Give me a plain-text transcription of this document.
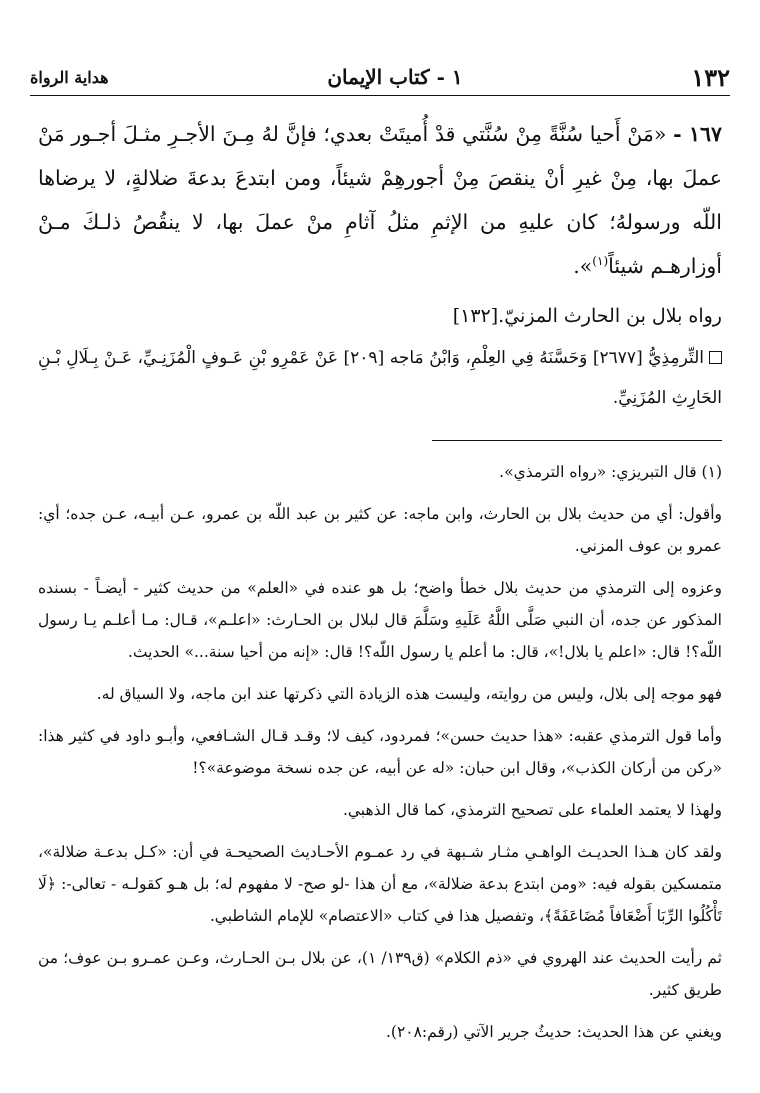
١٣٢
١ - كتاب الإيمان
هداية الرواة

١٦٧ - «مَنْ أَحيا سُنَّةً مِنْ سُنَّتي قدْ أُميتَتْ بعدي؛ فإنَّ لهُ مِـنَ الأجـرِ مثـلَ أجـور مَنْ عملَ بها، مِنْ غيرِ أنْ ينقصَ مِنْ أجورهِمْ شيئاً، ومن ابتدعَ بدعةَ ضلالةٍ، لا يرضاها اللّه ورسولهُ؛ كان عليهِ من الإثمِ مثلُ آثامِ منْ عملَ بها، لا ينقُصُ ذلـكَ مـنْ أوزارهـم شيئاً$^{(١)}$».

رواه بلال بن الحارث المزنيّ.[١٣٢]

التِّرمِذِيُّ [٢٦٧٧] وَحَسَّنَهُ فِي العِلْمِ، وَابْنُ مَاجه [٢٠٩] عَنْ عَمْرِو بْنِ عَـوفٍ الْمُزَنِـيِّ، عَـنْ بِـلَالِ بْـنِ الحَارِثِ المُزَنِيِّ.

(١) قال التبريزي: «رواه الترمذي».

وأقول: أي من حديث بلال بن الحارث، وابن ماجه: عن كثير بن عبد اللّه بن عمرو، عـن أبيـه، عـن جده؛ أي: عمرو بن عوف المزني.

وعزوه إلى الترمذي من حديث بلال خطأ واضح؛ بل هو عنده في «العلم» من حديث كثير - أيضـاً - بسنده المذكور عن جده، أن النبي صَلَّى اللَّهُ عَلَيهِ وسَلَّمَ قال لبلال بن الحـارث: «اعلـم»، قـال: مـا أعلـم يـا رسول اللّه؟! قال: «اعلم يا بلال!»، قال: ما أعلم يا رسول اللّه؟! قال: «إنه من أحيا سنة...» الحديث.

فهو موجه إلى بلال، وليس من روايته، وليست هذه الزيادة التي ذكرتها عند ابن ماجه، ولا السياق له.

وأما قول الترمذي عقبه: «هذا حديث حسن»؛ فمردود، كيف لا؛ وقـد قـال الشـافعي، وأبـو داود في كثير هذا: «ركن من أركان الكذب»، وقال ابن حبان: «له عن أبيه، عن جده نسخة موضوعة»؟!

ولهذا لا يعتمد العلماء على تصحيح الترمذي، كما قال الذهبي.

ولقد كان هـذا الحديـث الواهـي مثـار شـبهة في رد عمـوم الأحـاديث الصحيحـة في أن: «كـل بدعـة ضلالة»، متمسكين بقوله فيه: «ومن ابتدع بدعة ضلالة»، مع أن هذا -لو صح- لا مفهوم له؛ بل هـو كقولـه - تعالى-: ﴿لَا تَأْكُلُوا الرِّبَا أَضْعَافاً مُضَاعَفَةً﴾، وتفصيل هذا في كتاب «الاعتصام» للإمام الشاطبي.

ثم رأيت الحديث عند الهروي في «ذم الكلام» (ق١٣٩/ ١)، عن بلال بـن الحـارث، وعـن عمـرو بـن عوف؛ من طريق كثير.

ويغني عن هذا الحديث: حديثُ جرير الآتي (رقم:٢٠٨).
